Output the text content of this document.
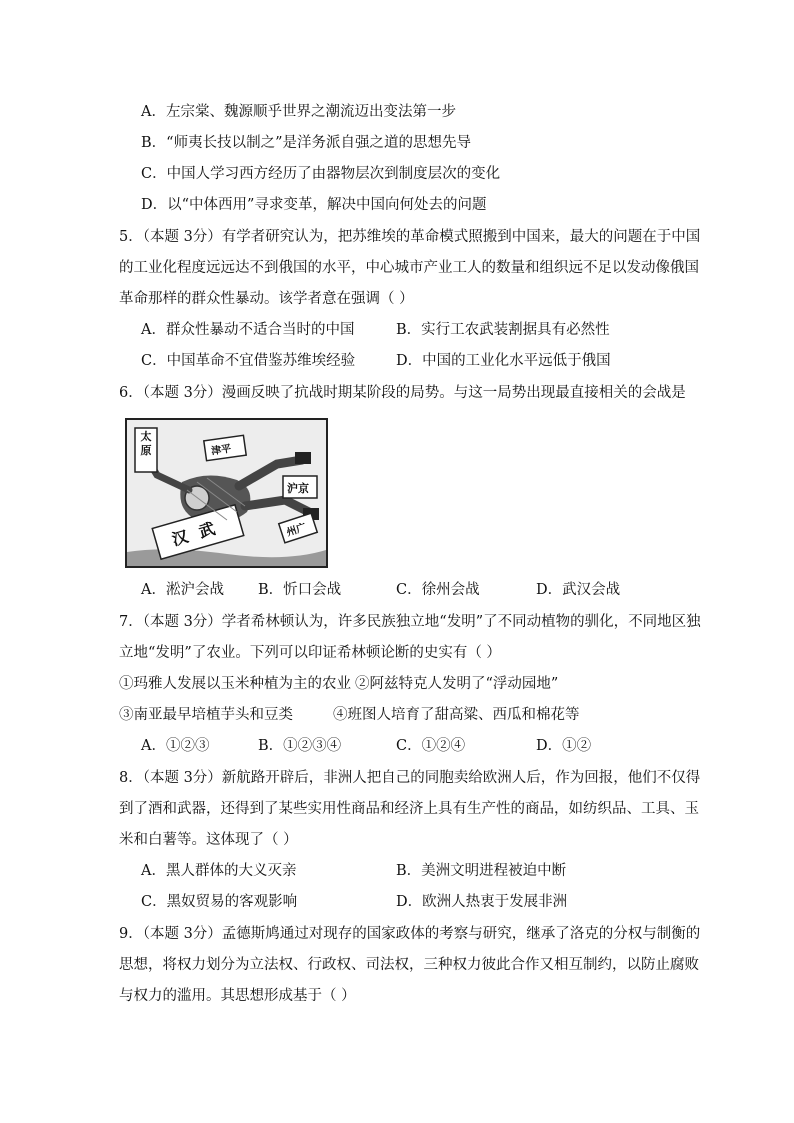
A．左宗棠、魏源顺乎世界之潮流迈出变法第一步
B．“师夷长技以制之”是洋务派自强之道的思想先导
C．中国人学习西方经历了由器物层次到制度层次的变化
D．以“中体西用”寻求变革，解决中国向何处去的问题
5．（本题 3分）有学者研究认为，把苏维埃的革命模式照搬到中国来，最大的问题在于中国
的工业化程度远远达不到俄国的水平，中心城市产业工人的数量和组织远不足以发动像俄国
革命那样的群众性暴动。该学者意在强调（ ）
A．群众性暴动不适合当时的中国	B．实行工农武装割据具有必然性
C．中国革命不宜借鉴苏维埃经验	D．中国的工业化水平远低于俄国
6．（本题 3分）漫画反映了抗战时期某阶段的局势。与这一局势出现最直接相关的会战是
太原	津平
沪京
州广
汉武
A．淞沪会战 B．忻口会战	C．徐州会战	D．武汉会战
7．（本题 3分）学者希林顿认为，许多民族独立地“发明”了不同动植物的驯化，不同地区独
立地“发明”了农业。下列可以印证希林顿论断的史实有（ ）
①玛雅人发展以玉米种植为主的农业 ②阿兹特克人发明了“浮动园地”
③南亚最早培植芋头和豆类	④班图人培育了甜高粱、西瓜和棉花等
A．①②③	B．①②③④	C．①②④	D．①②
8．（本题 3分）新航路开辟后，非洲人把自己的同胞卖给欧洲人后，作为回报，他们不仅得
到了酒和武器，还得到了某些实用性商品和经济上具有生产性的商品，如纺织品、工具、玉
米和白薯等。这体现了（ ）
A．黑人群体的大义灭亲	B．美洲文明进程被迫中断
C．黑奴贸易的客观影响	D．欧洲人热衷于发展非洲
9．（本题 3分）孟德斯鸠通过对现存的国家政体的考察与研究，继承了洛克的分权与制衡的
思想，将权力划分为立法权、行政权、司法权，三种权力彼此合作又相互制约，以防止腐败
与权力的滥用。其思想形成基于（ ）
